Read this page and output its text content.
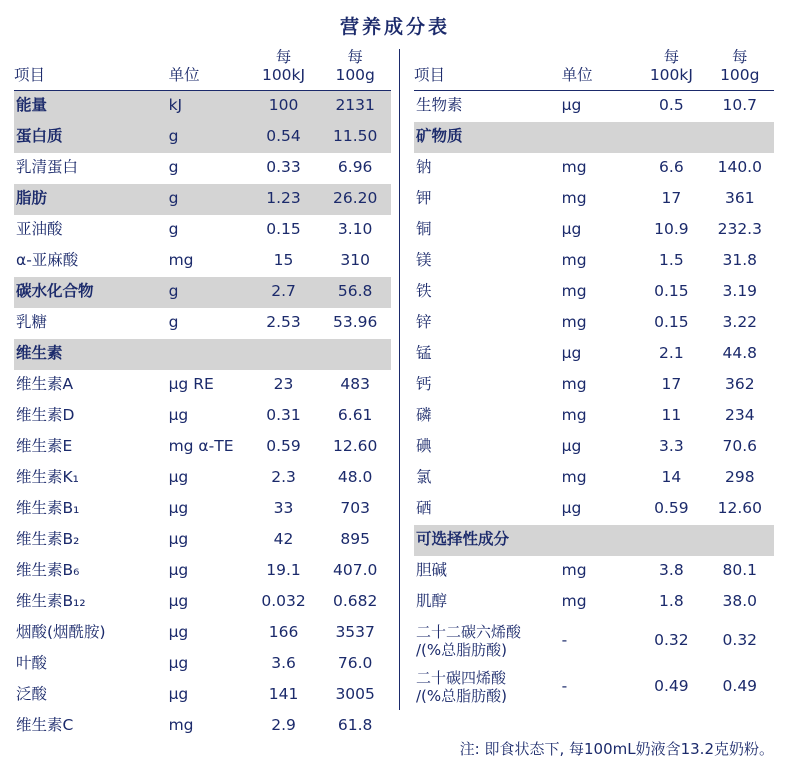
营养成分表
		每	每
项目	单位	100kJ	100g
能量	kJ	100	2131
蛋白质	g	0.54	11.50
乳清蛋白	g	0.33	6.96
脂肪	g	1.23	26.20
亚油酸	g	0.15	3.10
α-亚麻酸	mg	15	310
碳水化合物	g	2.7	56.8
乳糖	g	2.53	53.96
维生素			
维生素A	μg RE	23	483
维生素D	μg	0.31	6.61
维生素E	mg α-TE	0.59	12.60
维生素K₁	μg	2.3	48.0
维生素B₁	μg	33	703
维生素B₂	μg	42	895
维生素B₆	μg	19.1	407.0
维生素B₁₂	μg	0.032	0.682
烟酸(烟酰胺)	μg	166	3537
叶酸	μg	3.6	76.0
泛酸	μg	141	3005
维生素C	mg	2.9	61.8
		每	每
项目	单位	100kJ	100g
生物素	μg	0.5	10.7
矿物质			
钠	mg	6.6	140.0
钾	mg	17	361
铜	μg	10.9	232.3
镁	mg	1.5	31.8
铁	mg	0.15	3.19
锌	mg	0.15	3.22
锰	μg	2.1	44.8
钙	mg	17	362
磷	mg	11	234
碘	μg	3.3	70.6
氯	mg	14	298
硒	μg	0.59	12.60
可选择性成分			
胆碱	mg	3.8	80.1
肌醇	mg	1.8	38.0

二十二碳六烯酸
/(%总脂肪酸)	-	0.32	0.32

二十碳四烯酸
/(%总脂肪酸)	-	0.49	0.49
注: 即食状态下, 每100mL奶液含13.2克奶粉。
